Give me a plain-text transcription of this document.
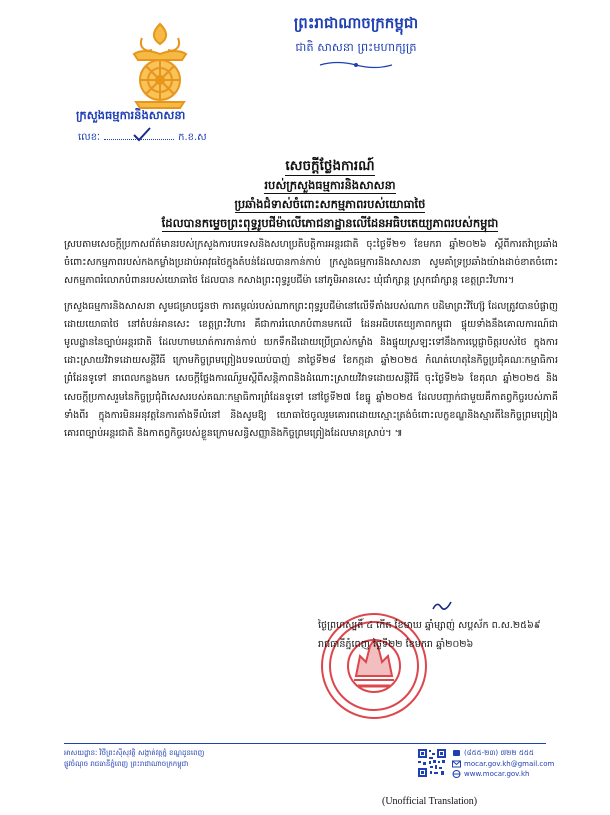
ក្រសួងធម្មការនិងសាសនា
លេខៈ	ក.ខ.ស
ព្រះរាជាណាចក្រកម្ពុជា
ជាតិ សាសនា ព្រះមហាក្សត្រ
សេចក្តីថ្លែងការណ៍
របស់ក្រសួងធម្មការនិងសាសនា
ប្រឆាំងជំទាស់ចំពោះសកម្មភាពរបស់យោធាថៃ
ដែលបានកម្ទេចព្រះពុទ្ធរូបជីម៉ាលើភោជនាដ្ឋានលើដែនអធិបតេយ្យភាពរបស់កម្ពុជា

ស្របតាមសេចក្តីប្រកាសព័ត៌មានរបស់ក្រសួងការបរទេសនិងសហប្រតិបត្តិការអន្តរជាតិ ចុះថ្ងៃទី២១ ខែមករា ឆ្នាំ២០២៦ ស្តីពីការតវ៉ាប្រឆាំងចំពោះសកម្មភាពរបស់កងកម្លាំងប្រដាប់អាវុធថៃក្នុងតំបន់ដែលបានកាន់កាប់ ក្រសួងធម្មការនិងសាសនា សូមគាំទ្រប្រឆាំងយ៉ាងដាច់ខាតចំពោះសកម្មភាពរំលោភបំពានរបស់យោធាថៃ ដែលបាន កសាងព្រះពុទ្ធរូបជីម៉ា នៅភូមិអានសេះ ឃុំជាំក្សាន្ត ស្រុកជាំក្សាន្ត ខេត្តព្រះវិហារ។

ក្រសួងធម្មការនិងសាសនា សូមជម្រាបជូនថា ការតម្កល់របស់ណាកព្រះពុទ្ធរូបជីម៉ានៅលើទីតាំងរបស់ណាក បដិមាព្រះវិហ្ស៊ែ ដែលត្រូវបានបំផ្លាញដោយយោធាថៃ នៅតំបន់អានសេះ ខេត្តព្រះវិហារ គឺជាការរំលោភបំពានមកលើ ដែនអធិបតេយ្យភាពកម្ពុជា ផ្ទុយទាំងនឹងគោលការណ៍ជាមូលដ្ឋាននៃច្បាប់អន្តរជាតិ ដែលហាមឃាត់ការកាន់កាប់ យកទឹកដីដោយប្រើប្រាស់កម្លាំង និងផ្ទុយស្រឡះទៅនឹងការប្តេជ្ញាចិត្តរបស់ថៃ ក្នុងការដោះស្រាយវិវាទដោយសន្តិវិធី ក្រោមកិច្ចព្រមព្រៀងបទឈប់បាញ់ នាថ្ងៃទី២៨ ខែកក្កដា ឆ្នាំ២០២៥ កំណត់ហេតុនៃកិច្ចប្រជុំគណៈកម្មាធិការ ព្រំដែនទូទៅ នាពេលកន្លងមក សេចក្តីថ្លែងការណ៍រួមស្តីពីសន្តិភាពនិងដំណោះស្រាយវិវាទដោយសន្តិវិធី ចុះថ្ងៃទី២៦ ខែតុលា ឆ្នាំ២០២៥ និងសេចក្តីប្រកាសរួមនៃកិច្ចប្រជុំពិសេសរបស់គណៈកម្មាធិការព្រំដែនទូទៅ នៅថ្ងៃទី២៧ ខែធ្នូ ឆ្នាំ២០២៥ ដែលបញ្ជាក់ជាមួយគឹកាតព្វកិច្ចរបស់ភាគីទាំងពីរ ក្នុងការមិនអនុវត្តនៃការតាំងទីលំនៅ និងសូមឱ្យ យោធាថៃចូលរួមគោរពដោយស្មោះត្រង់ចំពោះលក្ខខណ្ឌនិងស្មារតីនៃកិច្ចព្រមព្រៀង គោរពច្បាប់អន្តរជាតិ និងកាតព្វកិច្ចរបស់ខ្លួនក្រោមសន្ធិសញ្ញានិងកិច្ចព្រមព្រៀងដែលមានស្រាប់។ ៕

ថ្ងៃព្រហស្បតិ៍ ៤ កើត ខែមាឃ ឆ្នាំម្សាញ់ សប្តស័ក ព.ស.២៥៦៩
រាជធានីភ្នំពេញ ថ្ងៃទី២២ ខែមករា ឆ្នាំ២០២៦
អាសយដ្ឋានៈ វិថីព្រះស៊ីសុវត្ថិ សង្កាត់វត្តភ្នំ ខណ្ឌដូនពេញ
ផ្លូវចំណុច រាជធានីភ្នំពេញ ព្រះរាជាណាចក្រកម្ពុជា
(៨៥៥-២៣) ៧២២ ៥៥៥
mocar.gov.kh@gmail.com
www.mocar.gov.kh
(Unofficial Translation)
